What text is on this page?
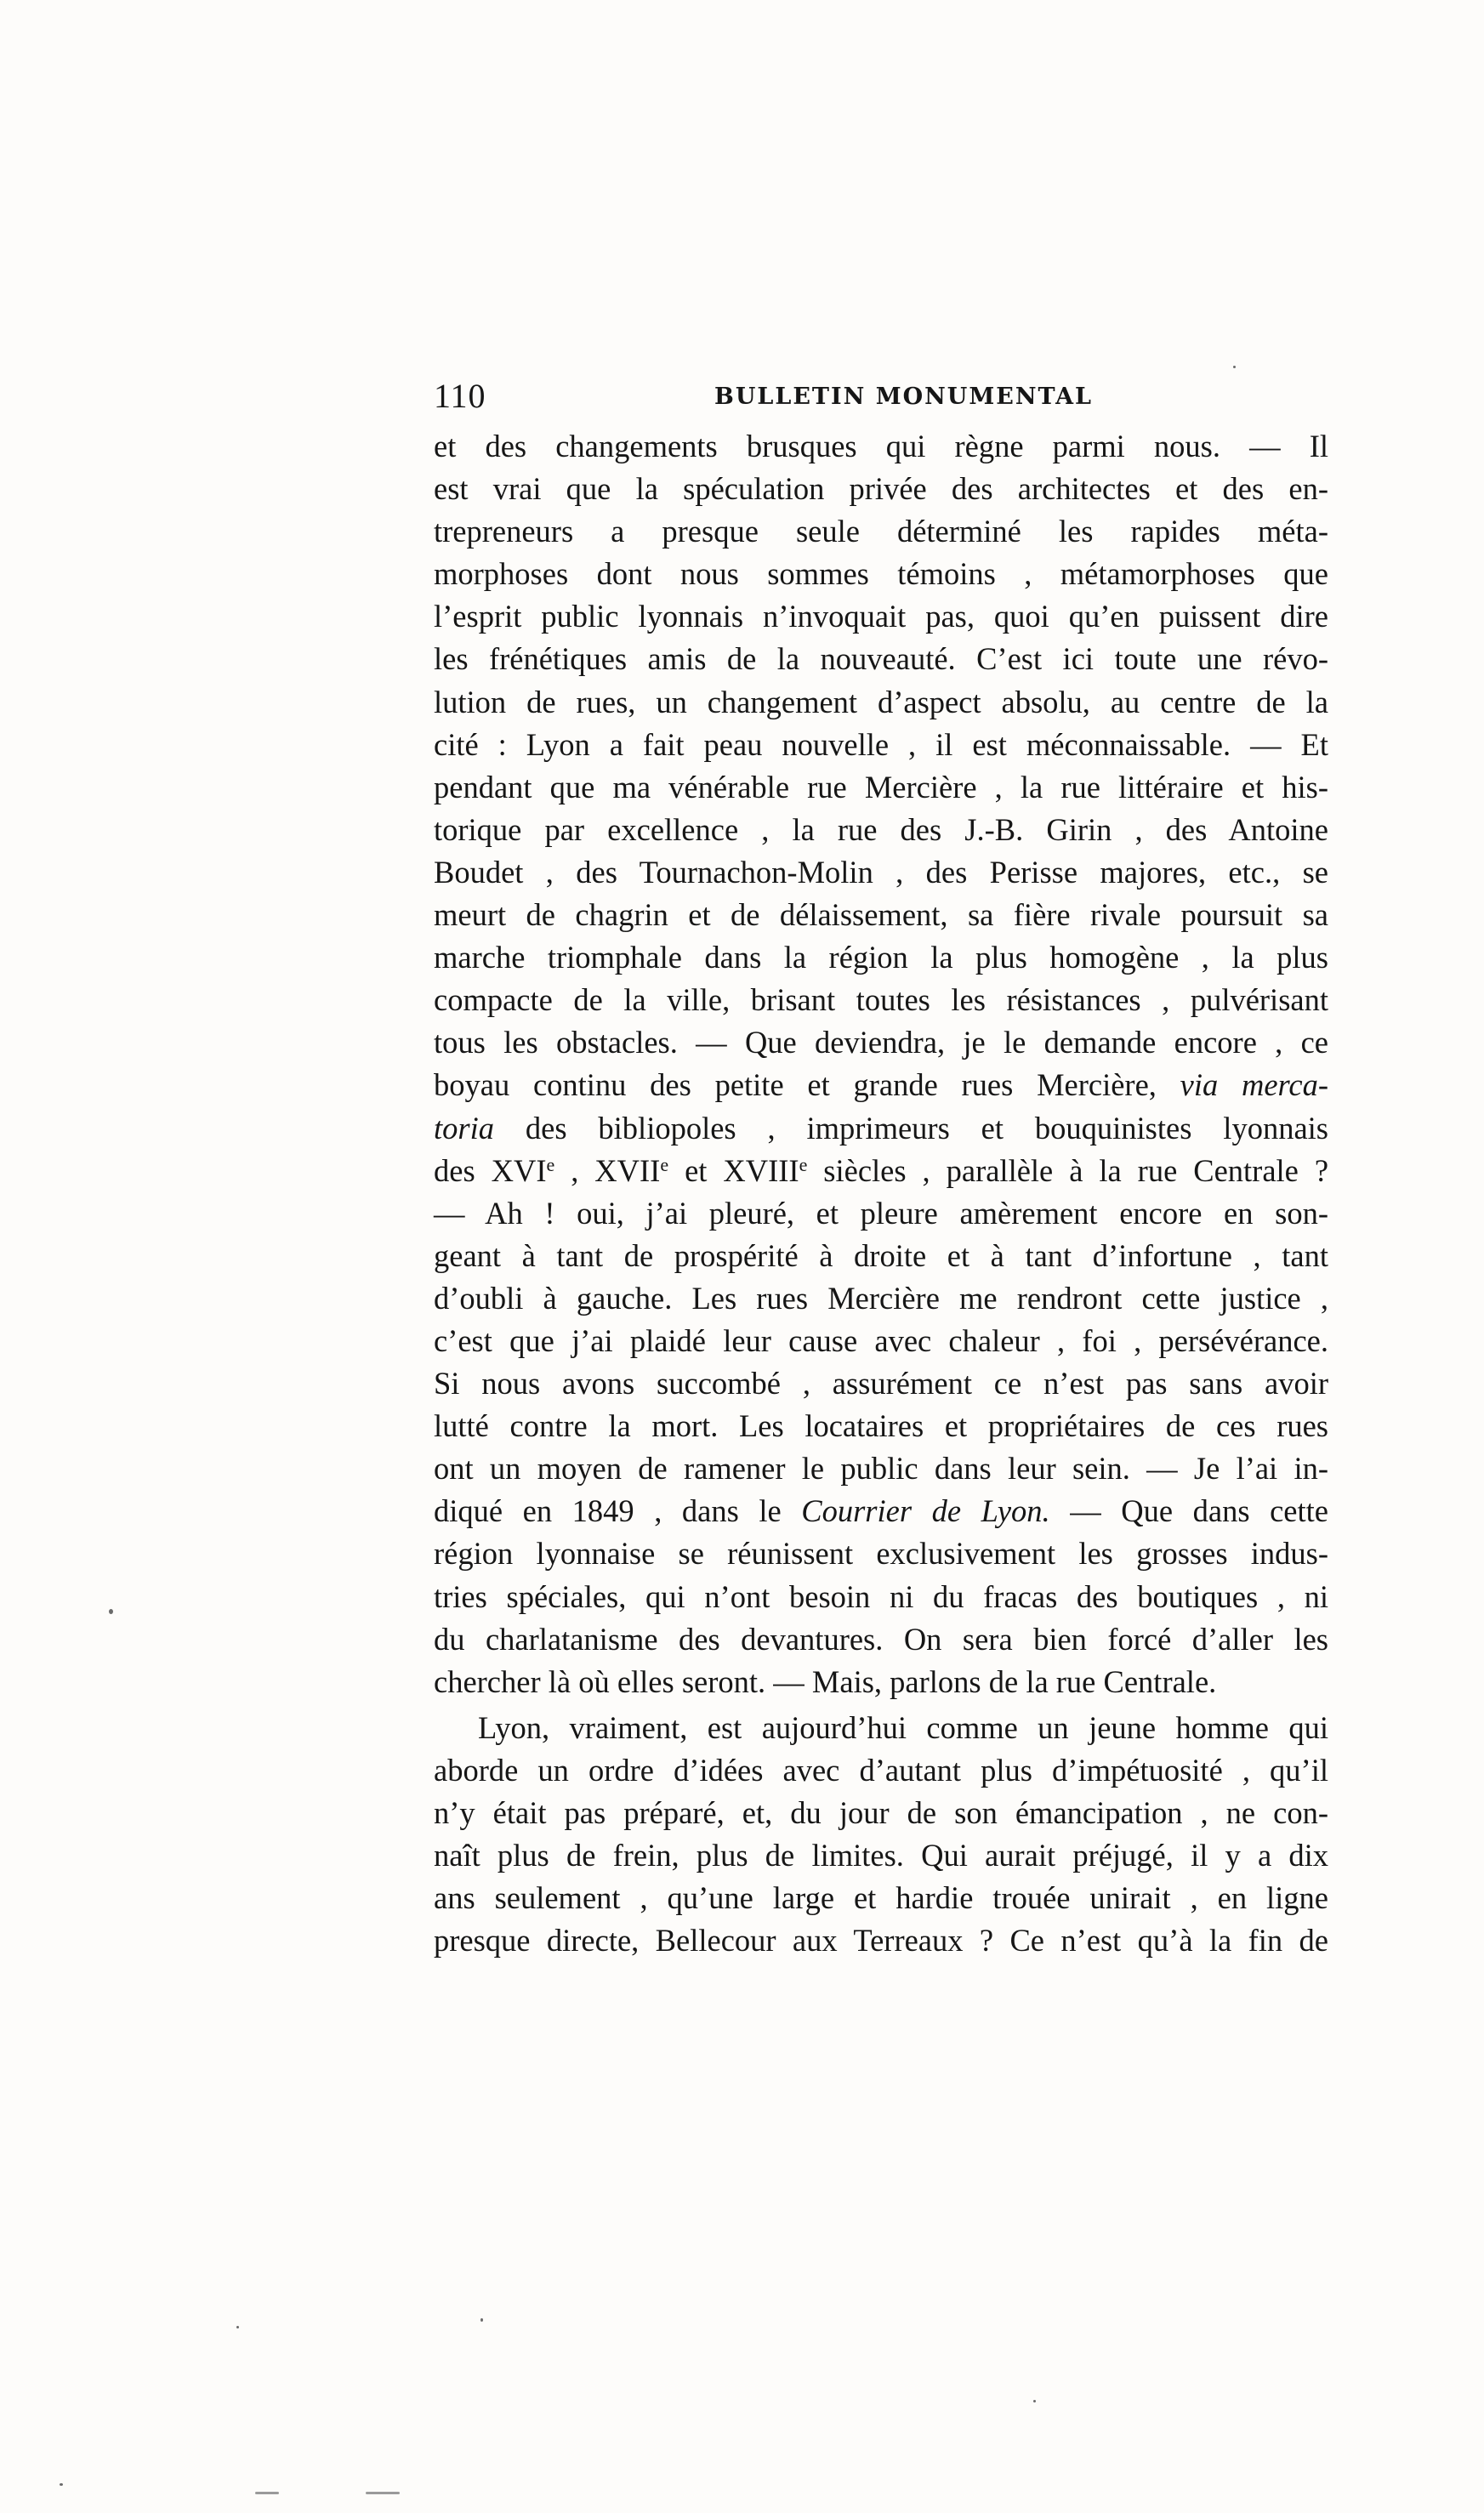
110	BULLETIN MONUMENTAL
et des changements brusques qui règne parmi nous. — Il
est vrai que la spéculation privée des architectes et des en-
trepreneurs a presque seule déterminé les rapides méta-
morphoses dont nous sommes témoins , métamorphoses que
l’esprit public lyonnais n’invoquait pas, quoi qu’en puissent dire
les frénétiques amis de la nouveauté. C’est ici toute une révo-
lution de rues, un changement d’aspect absolu, au centre de la
cité : Lyon a fait peau nouvelle , il est méconnaissable. — Et
pendant que ma vénérable rue Mercière , la rue littéraire et his-
torique par excellence , la rue des J.-B. Girin , des Antoine
Boudet , des Tournachon-Molin , des Perisse majores, etc., se
meurt de chagrin et de délaissement, sa fière rivale poursuit sa
marche triomphale dans la région la plus homogène , la plus
compacte de la ville, brisant toutes les résistances , pulvérisant
tous les obstacles. — Que deviendra, je le demande encore , ce
boyau continu des petite et grande rues Mercière, via merca-
toria des bibliopoles , imprimeurs et bouquinistes lyonnais
des XVIe , XVIIe et XVIIIe siècles , parallèle à la rue Centrale ?
— Ah ! oui, j’ai pleuré, et pleure amèrement encore en son-
geant à tant de prospérité à droite et à tant d’infortune , tant
d’oubli à gauche. Les rues Mercière me rendront cette justice ,
c’est que j’ai plaidé leur cause avec chaleur , foi , persévérance.
Si nous avons succombé , assurément ce n’est pas sans avoir
lutté contre la mort. Les locataires et propriétaires de ces rues
ont un moyen de ramener le public dans leur sein. — Je l’ai in-
diqué en 1849 , dans le Courrier de Lyon. — Que dans cette
région lyonnaise se réunissent exclusivement les grosses indus-
tries spéciales, qui n’ont besoin ni du fracas des boutiques , ni
du charlatanisme des devantures. On sera bien forcé d’aller les
chercher là où elles seront. — Mais, parlons de la rue Centrale.
Lyon, vraiment, est aujourd’hui comme un jeune homme qui
aborde un ordre d’idées avec d’autant plus d’impétuosité , qu’il
n’y était pas préparé, et, du jour de son émancipation , ne con-
naît plus de frein, plus de limites. Qui aurait préjugé, il y a dix
ans seulement , qu’une large et hardie trouée unirait , en ligne
presque directe, Bellecour aux Terreaux ? Ce n’est qu’à la fin de
